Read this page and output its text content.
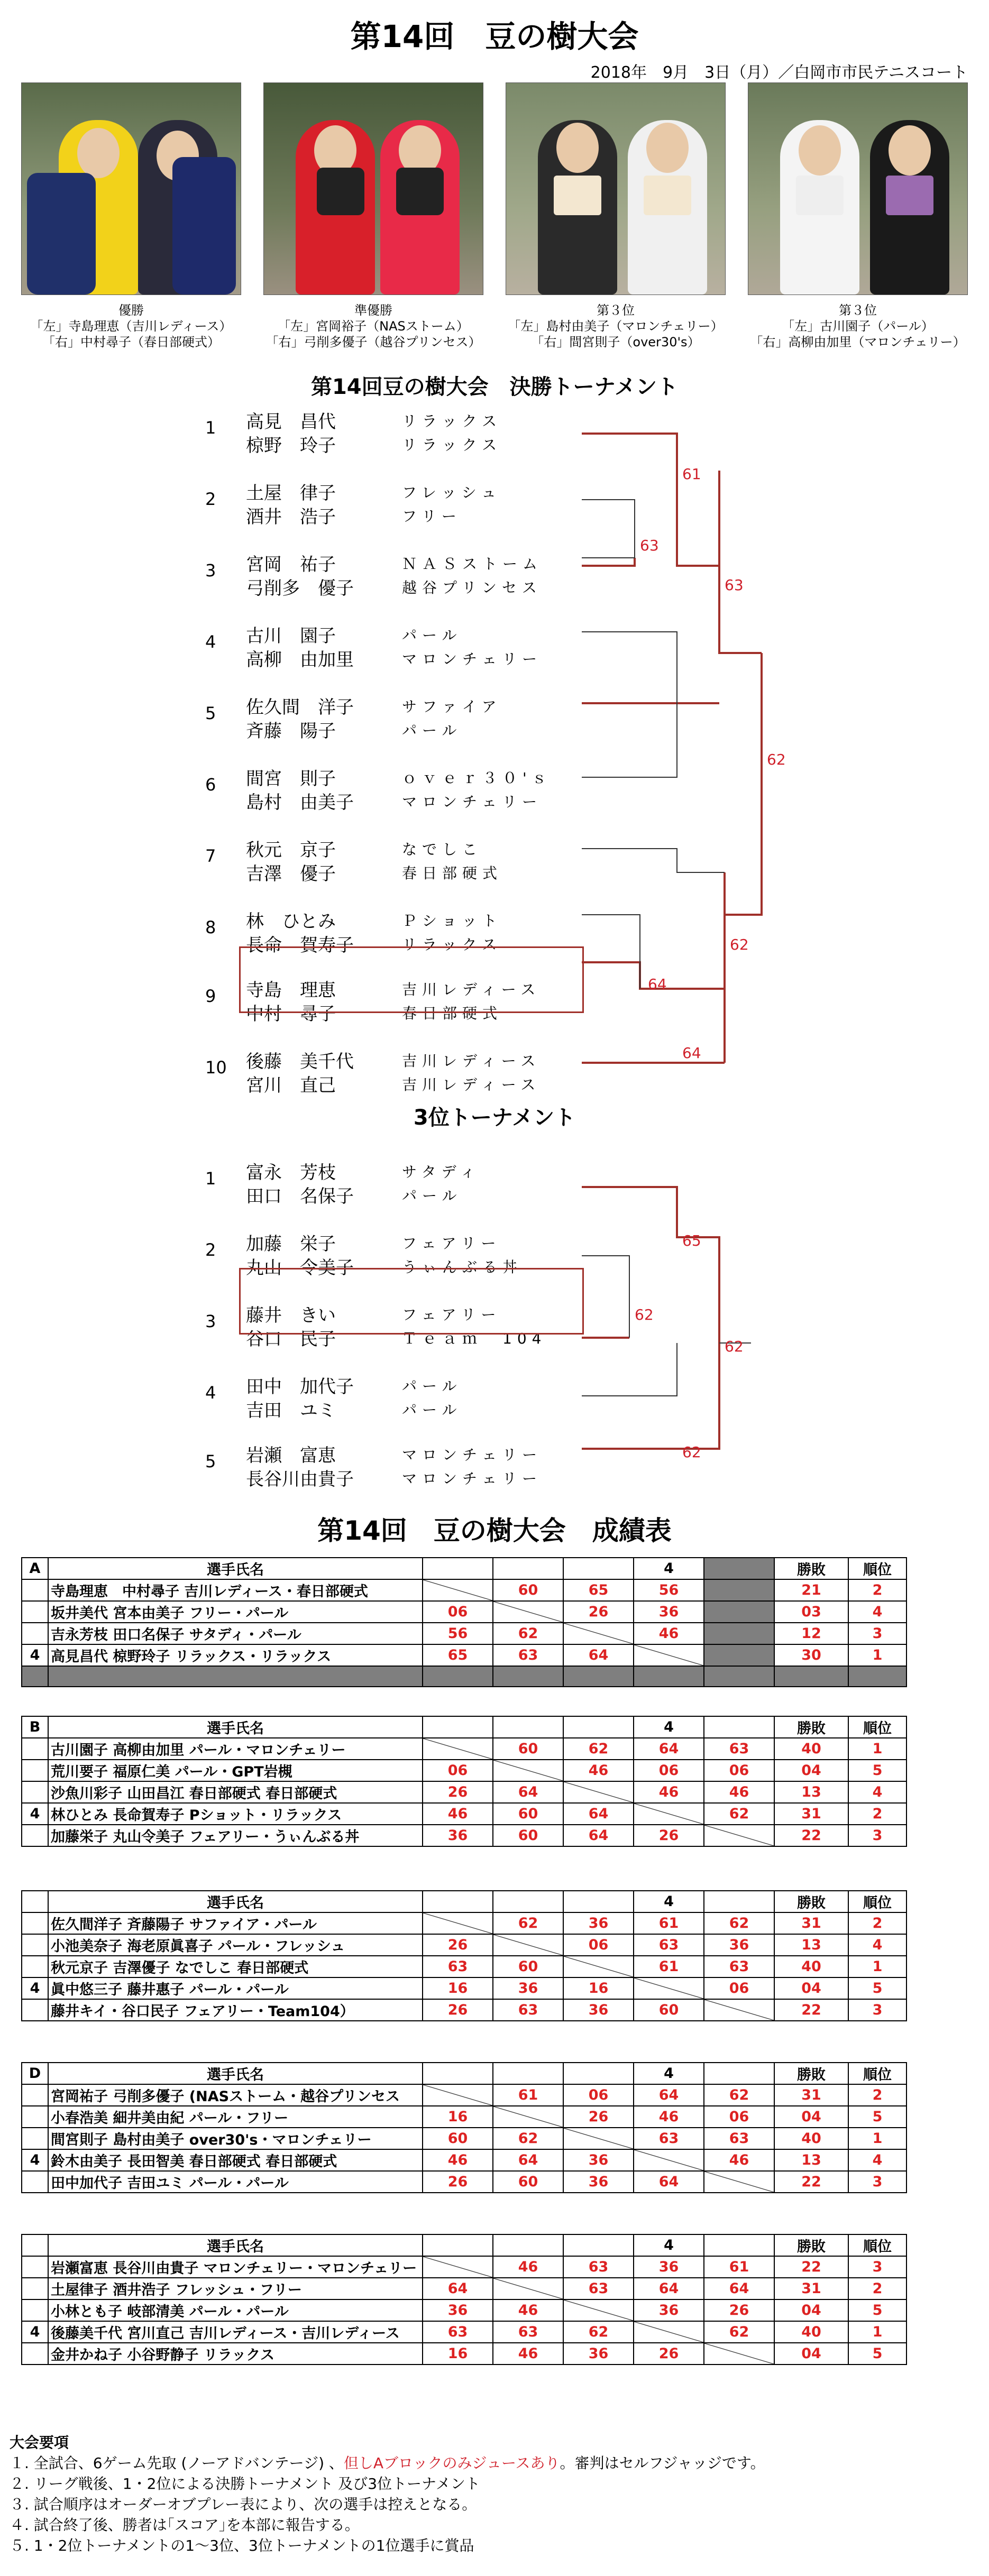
第14回　豆の樹大会
2018年　9月　3日（月）／白岡市市民テニスコート
優勝
「左」寺島理恵（吉川レディース）
「右」中村尋子（春日部硬式）
準優勝
「左」宮岡裕子（NASストーム）
「右」弓削多優子（越谷プリンセス）
第３位
「左」島村由美子（マロンチェリー）
「右」間宮則子（over30's）
第３位
「左」古川園子（パール）
「右」高柳由加里（マロンチェリー）
第14回豆の樹大会　決勝トーナメント
1 高見　昌代
椋野　玲子
リラックス
リラックス
2 土屋　律子
酒井　浩子
フレッシュ
フリー
3 宮岡　祐子
弓削多　優子
ＮＡＳストーム
越谷プリンセス
4 古川　園子
高柳　由加里
パール
マロンチェリー
5 佐久間　洋子
斉藤　陽子
サファイア
パール
6 間宮　則子
島村　由美子
ｏｖｅｒ３０'ｓ
マロンチェリー
7 秋元　京子
吉澤　優子
なでしこ
春日部硬式
8 林　ひとみ
長命　賀寿子
Ｐショット
リラックス
9 寺島　理恵
中村　尋子
吉川レディース
春日部硬式
10 後藤　美千代
宮川　直己
吉川レディース
吉川レディース
1 富永　芳枝
田口　名保子
サタディ
パール
2 加藤　栄子
丸山　令美子
フェアリー
うぃんぶる丼
3 藤井　きい
谷口　民子
フェアリー
Ｔｅａｍ　104
4 田中　加代子
吉田　ユミ
パール
パール
5 岩瀬　富恵
長谷川由貴子
マロンチェリー
マロンチェリー
3位トーナメント
61
63
63
62
62
64
64
65
62
62
62
第14回　豆の樹大会　成績表
A	選手氏名				4		勝敗	順位
	寺島理恵　中村尋子 吉川レディース・春日部硬式		60	65	56		21	2
	坂井美代 宮本由美子 フリー・パール	06		26	36		03	4
	吉永芳枝 田口名保子 サタディ・パール	56	62		46		12	3
4	高見昌代 椋野玲子 リラックス・リラックス	65	63	64			30	1

B	選手氏名				4		勝敗	順位
	古川園子 高柳由加里 パール・マロンチェリー		60	62	64	63	40	1
	荒川要子 福原仁美 パール・GPT岩槻	06		46	06	06	04	5
	沙魚川彩子 山田昌江 春日部硬式 春日部硬式	26	64		46	46	13	4
4	林ひとみ 長命賀寿子 Pショット・リラックス	46	60	64		62	31	2
	加藤栄子 丸山令美子 フェアリー・うぃんぶる丼	36	60	64	26		22	3
	選手氏名				4		勝敗	順位
	佐久間洋子 斉藤陽子 サファイア・パール		62	36	61	62	31	2
	小池美奈子 海老原眞喜子 パール・フレッシュ	26		06	63	36	13	4
	秋元京子 吉澤優子 なでしこ 春日部硬式	63	60		61	63	40	1
4	眞中悠三子 藤井惠子 パール・パール	16	36	16		06	04	5
	藤井キイ・谷口民子 フェアリー・Team104）	26	63	36	60		22	3
D	選手氏名				4		勝敗	順位
	宮岡祐子 弓削多優子 (NASストーム・越谷プリンセス		61	06	64	62	31	2
	小春浩美 細井美由紀 パール・フリー	16		26	46	06	04	5
	間宮則子 島村由美子 over30's・マロンチェリー	60	62		63	63	40	1
4	鈴木由美子 長田智美 春日部硬式 春日部硬式	46	64	36		46	13	4
	田中加代子 吉田ユミ パール・パール	26	60	36	64		22	3
	選手氏名				4		勝敗	順位
	岩瀬富恵 長谷川由貴子 マロンチェリー・マロンチェリー		46	63	36	61	22	3
	土屋律子 酒井浩子 フレッシュ・フリー	64		63	64	64	31	2
	小林とも子 岐部清美 パール・パール	36	46		36	26	04	5
4	後藤美千代 宮川直己 吉川レディース・吉川レディース	63	63	62		62	40	1
	金井かね子 小谷野静子 リラックス	16	46	36	26		04	5
大会要項
１. 全試合、6ゲーム先取 (ノーアドバンテージ) 、但しAブロックのみジュースあり。審判はセルフジャッジです。
２. リーグ戦後、1・2位による決勝トーナメント 及び3位トーナメント
３. 試合順序はオーダーオブプレー表により、次の選手は控えとなる。
４. 試合終了後、勝者は｢スコア｣を本部に報告する。
５. 1・2位トーナメントの1～3位、3位トーナメントの1位選手に賞品
